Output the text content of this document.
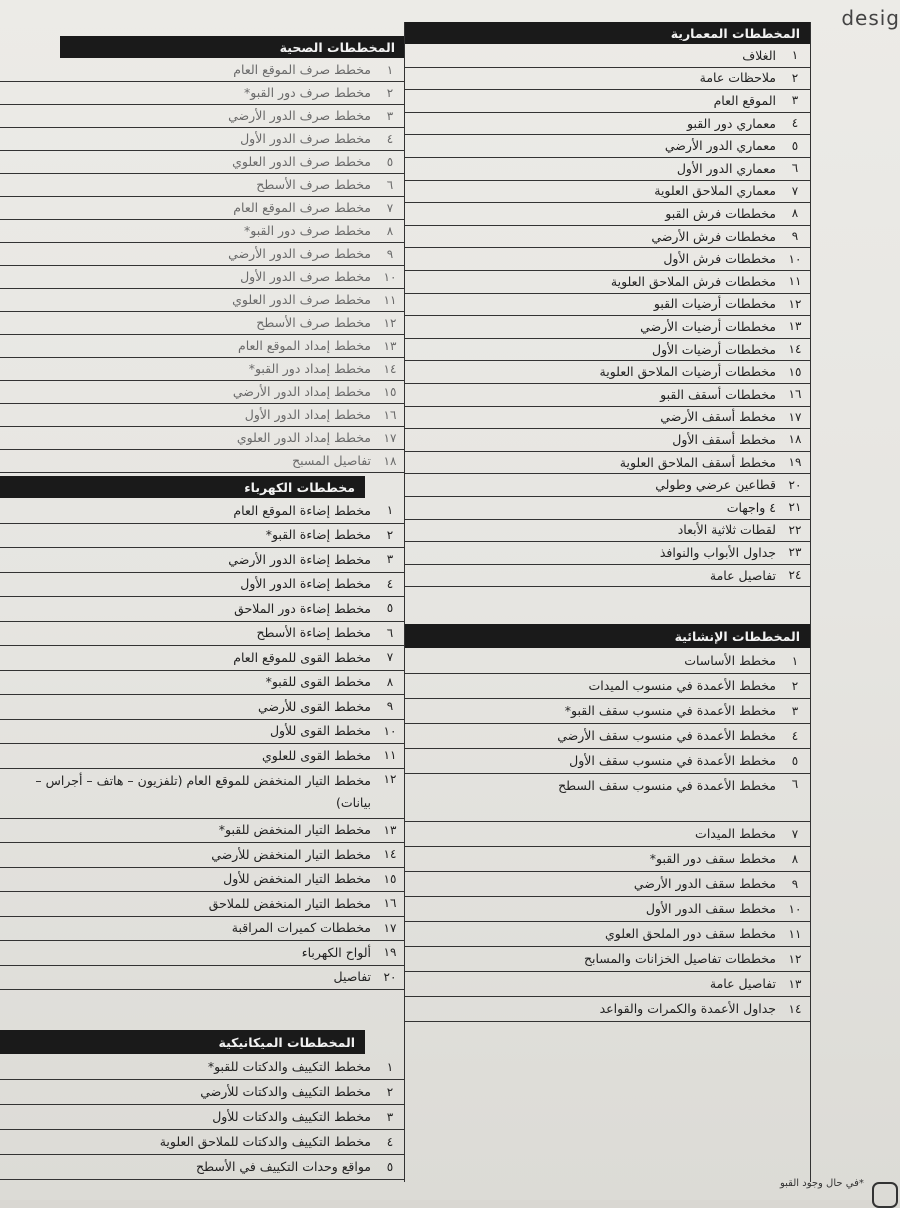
desig
المخططات المعمارية
١
الغلاف
٢
ملاحظات عامة
٣
الموقع العام
٤
معماري دور القبو
٥
معماري الدور الأرضي
٦
معماري الدور الأول
٧
معماري الملاحق العلوية
٨
مخططات فرش القبو
٩
مخططات فرش الأرضي
١٠
مخططات فرش الأول
١١
مخططات فرش الملاحق العلوية
١٢
مخططات أرضيات القبو
١٣
مخططات أرضيات الأرضي
١٤
مخططات أرضيات الأول
١٥
مخططات أرضيات الملاحق العلوية
١٦
مخططات أسقف القبو
١٧
مخطط أسقف الأرضي
١٨
مخطط أسقف الأول
١٩
مخطط أسقف الملاحق العلوية
٢٠
قطاعين عرضي وطولي
٢١
٤ واجهات
٢٢
لقطات ثلاثية الأبعاد
٢٣
جداول الأبواب والنوافذ
٢٤
تفاصيل عامة
المخططات الإنشائية
١
مخطط الأساسات
٢
مخطط الأعمدة في منسوب الميدات
٣
مخطط الأعمدة في منسوب سقف القبو*
٤
مخطط الأعمدة في منسوب سقف الأرضي
٥
مخطط الأعمدة في منسوب سقف الأول
٦
مخطط الأعمدة في منسوب سقف السطح
٧
مخطط الميدات
٨
مخطط سقف دور القبو*
٩
مخطط سقف الدور الأرضي
١٠
مخطط سقف الدور الأول
١١
مخطط سقف دور الملحق العلوي
١٢
مخططات تفاصيل الخزانات والمسابح
١٣
تفاصيل عامة
١٤
جداول الأعمدة والكمرات والقواعد
المخططات الصحية
١
مخطط صرف الموقع العام
٢
مخطط صرف دور القبو*
٣
مخطط صرف الدور الأرضي
٤
مخطط صرف الدور الأول
٥
مخطط صرف الدور العلوي
٦
مخطط صرف الأسطح
٧
مخطط صرف الموقع العام
٨
مخطط صرف دور القبو*
٩
مخطط صرف الدور الأرضي
١٠
مخطط صرف الدور الأول
١١
مخطط صرف الدور العلوي
١٢
مخطط صرف الأسطح
١٣
مخطط إمداد الموقع العام
١٤
مخطط إمداد دور القبو*
١٥
مخطط إمداد الدور الأرضي
١٦
مخطط إمداد الدور الأول
١٧
مخطط إمداد الدور العلوي
١٨
تفاصيل المسبح
مخططات الكهرباء
١
مخطط إضاءة الموقع العام
٢
مخطط إضاءة القبو*
٣
مخطط إضاءة الدور الأرضي
٤
مخطط إضاءة الدور الأول
٥
مخطط إضاءة دور الملاحق
٦
مخطط إضاءة الأسطح
٧
مخطط القوى للموقع العام
٨
مخطط القوى للقبو*
٩
مخطط القوى للأرضي
١٠
مخطط القوى للأول
١١
مخطط القوى للعلوي
١٢
مخطط التيار المنخفض للموقع العام (تلفزيون – هاتف – أجراس – بيانات)
١٣
مخطط التيار المنخفض للقبو*
١٤
مخطط التيار المنخفض للأرضي
١٥
مخطط التيار المنخفض للأول
١٦
مخطط التيار المنخفض للملاحق
١٧
مخططات كميرات المراقبة
١٩
ألواح الكهرباء
٢٠
تفاصيل
المخططات الميكانيكية
١
مخطط التكييف والدكتات للقبو*
٢
مخطط التكييف والدكتات للأرضي
٣
مخطط التكييف والدكتات للأول
٤
مخطط التكييف والدكتات للملاحق العلوية
٥
مواقع وحدات التكييف في الأسطح
*في حال وجود القبو
